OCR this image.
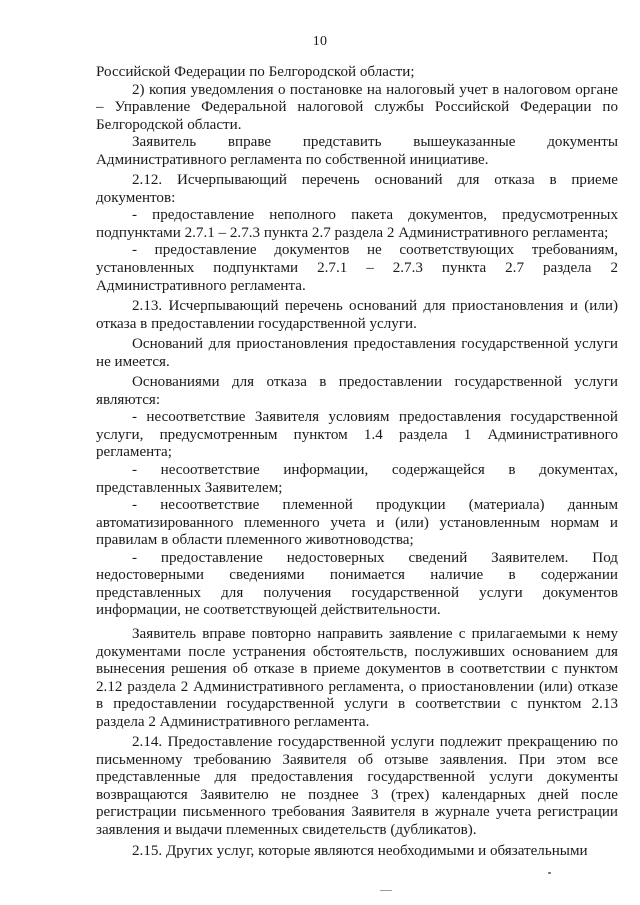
10

Российской Федерации по Белгородской области;

2) копия уведомления о постановке на налоговый учет в налоговом органе – Управление Федеральной налоговой службы Российской Федерации по Белгородской области.

Заявитель вправе представить вышеуказанные документы Административного регламента по собственной инициативе.

2.12. Исчерпывающий перечень оснований для отказа в приеме документов:

- предоставление неполного пакета документов, предусмотренных подпунктами 2.7.1 – 2.7.3 пункта 2.7 раздела 2 Административного регламента;

- предоставление документов не соответствующих требованиям, установленных подпунктами 2.7.1 – 2.7.3 пункта 2.7 раздела 2 Административного регламента.

2.13. Исчерпывающий перечень оснований для приостановления и (или) отказа в предоставлении государственной услуги.

Оснований для приостановления предоставления государственной услуги не имеется.

Основаниями для отказа в предоставлении государственной услуги являются:

- несоответствие Заявителя условиям предоставления государственной услуги, предусмотренным пунктом 1.4 раздела 1 Административного регламента;

- несоответствие информации, содержащейся в документах, представленных Заявителем;

- несоответствие племенной продукции (материала) данным автоматизированного племенного учета и (или) установленным нормам и правилам в области племенного животноводства;

- предоставление недостоверных сведений Заявителем. Под недостоверными сведениями понимается наличие в содержании представленных для получения государственной услуги документов информации, не соответствующей действительности.

Заявитель вправе повторно направить заявление с прилагаемыми к нему документами после устранения обстоятельств, послуживших основанием для вынесения решения об отказе в приеме документов в соответствии с пунктом 2.12 раздела 2 Административного регламента, о приостановлении (или) отказе в предоставлении государственной услуги в соответствии с пунктом 2.13 раздела 2 Административного регламента.

2.14. Предоставление государственной услуги подлежит прекращению по письменному требованию Заявителя об отзыве заявления. При этом все представленные для предоставления государственной услуги документы возвращаются Заявителю не позднее 3 (трех) календарных дней после регистрации письменного требования Заявителя в журнале учета регистрации заявления и выдачи племенных свидетельств (дубликатов).

2.15. Других услуг, которые являются необходимыми и обязательными
